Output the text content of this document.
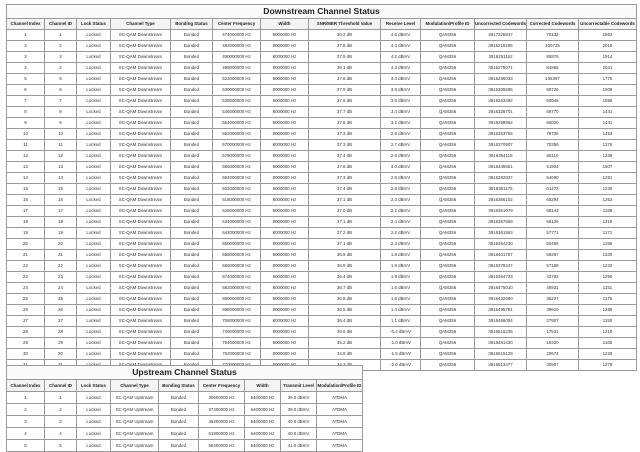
Downstream Channel Status
Channel Index	Channel ID	Lock Status	Channel Type	Bonding Status	Center Frequency	Width	SNR/MER Threshold Value	Receive Level	Modulation/Profile ID	Uncorrected Codewords	Corrected Codewords	Uncorrectable Codewords
1	1	Locked	SC-QAM Downstream	Bonded	474000000 Hz	8000000 Hz	36.2 dB	4.5 dBmV	QAM256	3917326837	70132	1893
2	2	Locked	SC-QAM Downstream	Bonded	482000000 Hz	8000000 Hz	37.8 dB	4.3 dBmV	QAM256	3916219295	100725	2018
3	3	Locked	SC-QAM Downstream	Bonded	490000000 Hz	8000000 Hz	37.9 dB	4.2 dBmV	QAM256	3916251162	85976	1914
4	4	Locked	SC-QAM Downstream	Bonded	498000000 Hz	8000000 Hz	38.1 dB	4.3 dBmV	QAM256	3916275071	84965	2041
5	5	Locked	SC-QAM Downstream	Bonded	522000000 Hz	8000000 Hz	37.6 dB	3.4 dBmV	QAM256	3916256033	105397	1776
6	6	Locked	SC-QAM Downstream	Bonded	530000000 Hz	8000000 Hz	37.9 dB	3.8 dBmV	QAM256	3916305596	68726	1609
7	7	Locked	SC-QAM Downstream	Bonded	538000000 Hz	8000000 Hz	37.6 dB	3.5 dBmV	QAM256	3916263492	60048	1558
8	8	Locked	SC-QAM Downstream	Bonded	546000000 Hz	8000000 Hz	37.7 dB	3.4 dBmV	QAM256	3916326701	66770	1441
9	9	Locked	SC-QAM Downstream	Bonded	554000000 Hz	8000000 Hz	37.6 dB	3.2 dBmV	QAM256	3916298852	65020	1441
10	10	Locked	SC-QAM Downstream	Bonded	562000000 Hz	8000000 Hz	37.3 dB	2.8 dBmV	QAM256	3916353755	78736	1453
11	11	Locked	SC-QAM Downstream	Bonded	570000000 Hz	8000000 Hz	37.3 dB	2.7 dBmV	QAM256	3916370907	70356	1376
12	12	Locked	SC-QAM Downstream	Bonded	578000000 Hz	8000000 Hz	37.4 dB	2.8 dBmV	QAM256	3916354118	65110	1339
13	13	Locked	SC-QAM Downstream	Bonded	586000000 Hz	8000000 Hz	37.6 dB	3.0 dBmV	QAM256	3916345551	51904	1607
14	14	Locked	SC-QAM Downstream	Bonded	594000000 Hz	8000000 Hz	37.3 dB	2.8 dBmV	QAM256	3916282937	64690	1291
15	15	Locked	SC-QAM Downstream	Bonded	602000000 Hz	8000000 Hz	37.4 dB	2.8 dBmV	QAM256	3916361175	61472	1230
16	16	Locked	SC-QAM Downstream	Bonded	618000000 Hz	8000000 Hz	37.1 dB	2.3 dBmV	QAM256	3916366102	65294	1262
17	17	Locked	SC-QAM Downstream	Bonded	626000000 Hz	8000000 Hz	37.0 dB	2.2 dBmV	QAM256	3916361079	68143	1198
18	18	Locked	SC-QAM Downstream	Bonded	634000000 Hz	8000000 Hz	37.1 dB	2.4 dBmV	QAM256	3916367659	55125	1319
19	19	Locked	SC-QAM Downstream	Bonded	642000000 Hz	8000000 Hz	37.2 dB	2.2 dBmV	QAM256	3916361563	57771	1171
20	20	Locked	SC-QAM Downstream	Bonded	650000000 Hz	8000000 Hz	37.1 dB	2.3 dBmV	QAM256	3916364230	50495	1195
21	21	Locked	SC-QAM Downstream	Bonded	658000000 Hz	8000000 Hz	36.9 dB	1.8 dBmV	QAM256	3916401757	59287	1330
22	22	Locked	SC-QAM Downstream	Bonded	666000000 Hz	8000000 Hz	36.9 dB	1.9 dBmV	QAM256	3916378247	57189	1232
23	23	Locked	SC-QAM Downstream	Bonded	674000000 Hz	8000000 Hz	36.4 dB	1.9 dBmV	QAM256	3916364733	43782	1290
24	24	Locked	SC-QAM Downstream	Bonded	682000000 Hz	8000000 Hz	36.7 dB	1.6 dBmV	QAM256	3916475010	46931	1151
25	25	Locked	SC-QAM Downstream	Bonded	690000000 Hz	8000000 Hz	36.8 dB	1.8 dBmV	QAM256	3916432690	36227	1176
26	26	Locked	SC-QAM Downstream	Bonded	698000000 Hz	8000000 Hz	36.5 dB	1.4 dBmV	QAM256	3916495781	39919	1288
27	27	Locked	SC-QAM Downstream	Bonded	706000000 Hz	8000000 Hz	36.4 dB	1.1 dBmV	QAM256	3916466054	27907	1150
28	28	Locked	SC-QAM Downstream	Bonded	746000000 Hz	8000000 Hz	35.6 dB	-0.4 dBmV	QAM256	3916516235	17531	1218
29	29	Locked	SC-QAM Downstream	Bonded	754000000 Hz	8000000 Hz	35.2 dB	-1.0 dBmV	QAM256	3916481430	19320	1165
30	30	Locked	SC-QAM Downstream	Bonded	762000000 Hz	8000000 Hz	34.8 dB	-1.5 dBmV	QAM256	3916615129	20674	1229
								-2.0 dBmV	QAM256	3916613477	30907	1279
Upstream Channel Status
Channel Index	Channel ID	Lock Status	Channel Type	Bonding Status	Center Frequency	Width	Transmit Level	Modulation/Profile ID
1	1	Locked	SC-QAM Upstream	Bonded	30600000 Hz	6400000 Hz	39.0 dBmV	ATDMA
2	2	Locked	SC-QAM Upstream	Bonded	37400000 Hz	6400000 Hz	39.0 dBmV	ATDMA
3	3	Locked	SC-QAM Upstream	Bonded	45200000 Hz	6400000 Hz	40.0 dBmV	ATDMA
4	4	Locked	SC-QAM Upstream	Bonded	51800000 Hz	6400000 Hz	40.0 dBmV	ATDMA
5	5	Locked	SC-QAM Upstream	Bonded	58400000 Hz	6400000 Hz	41.0 dBmV	ATDMA
